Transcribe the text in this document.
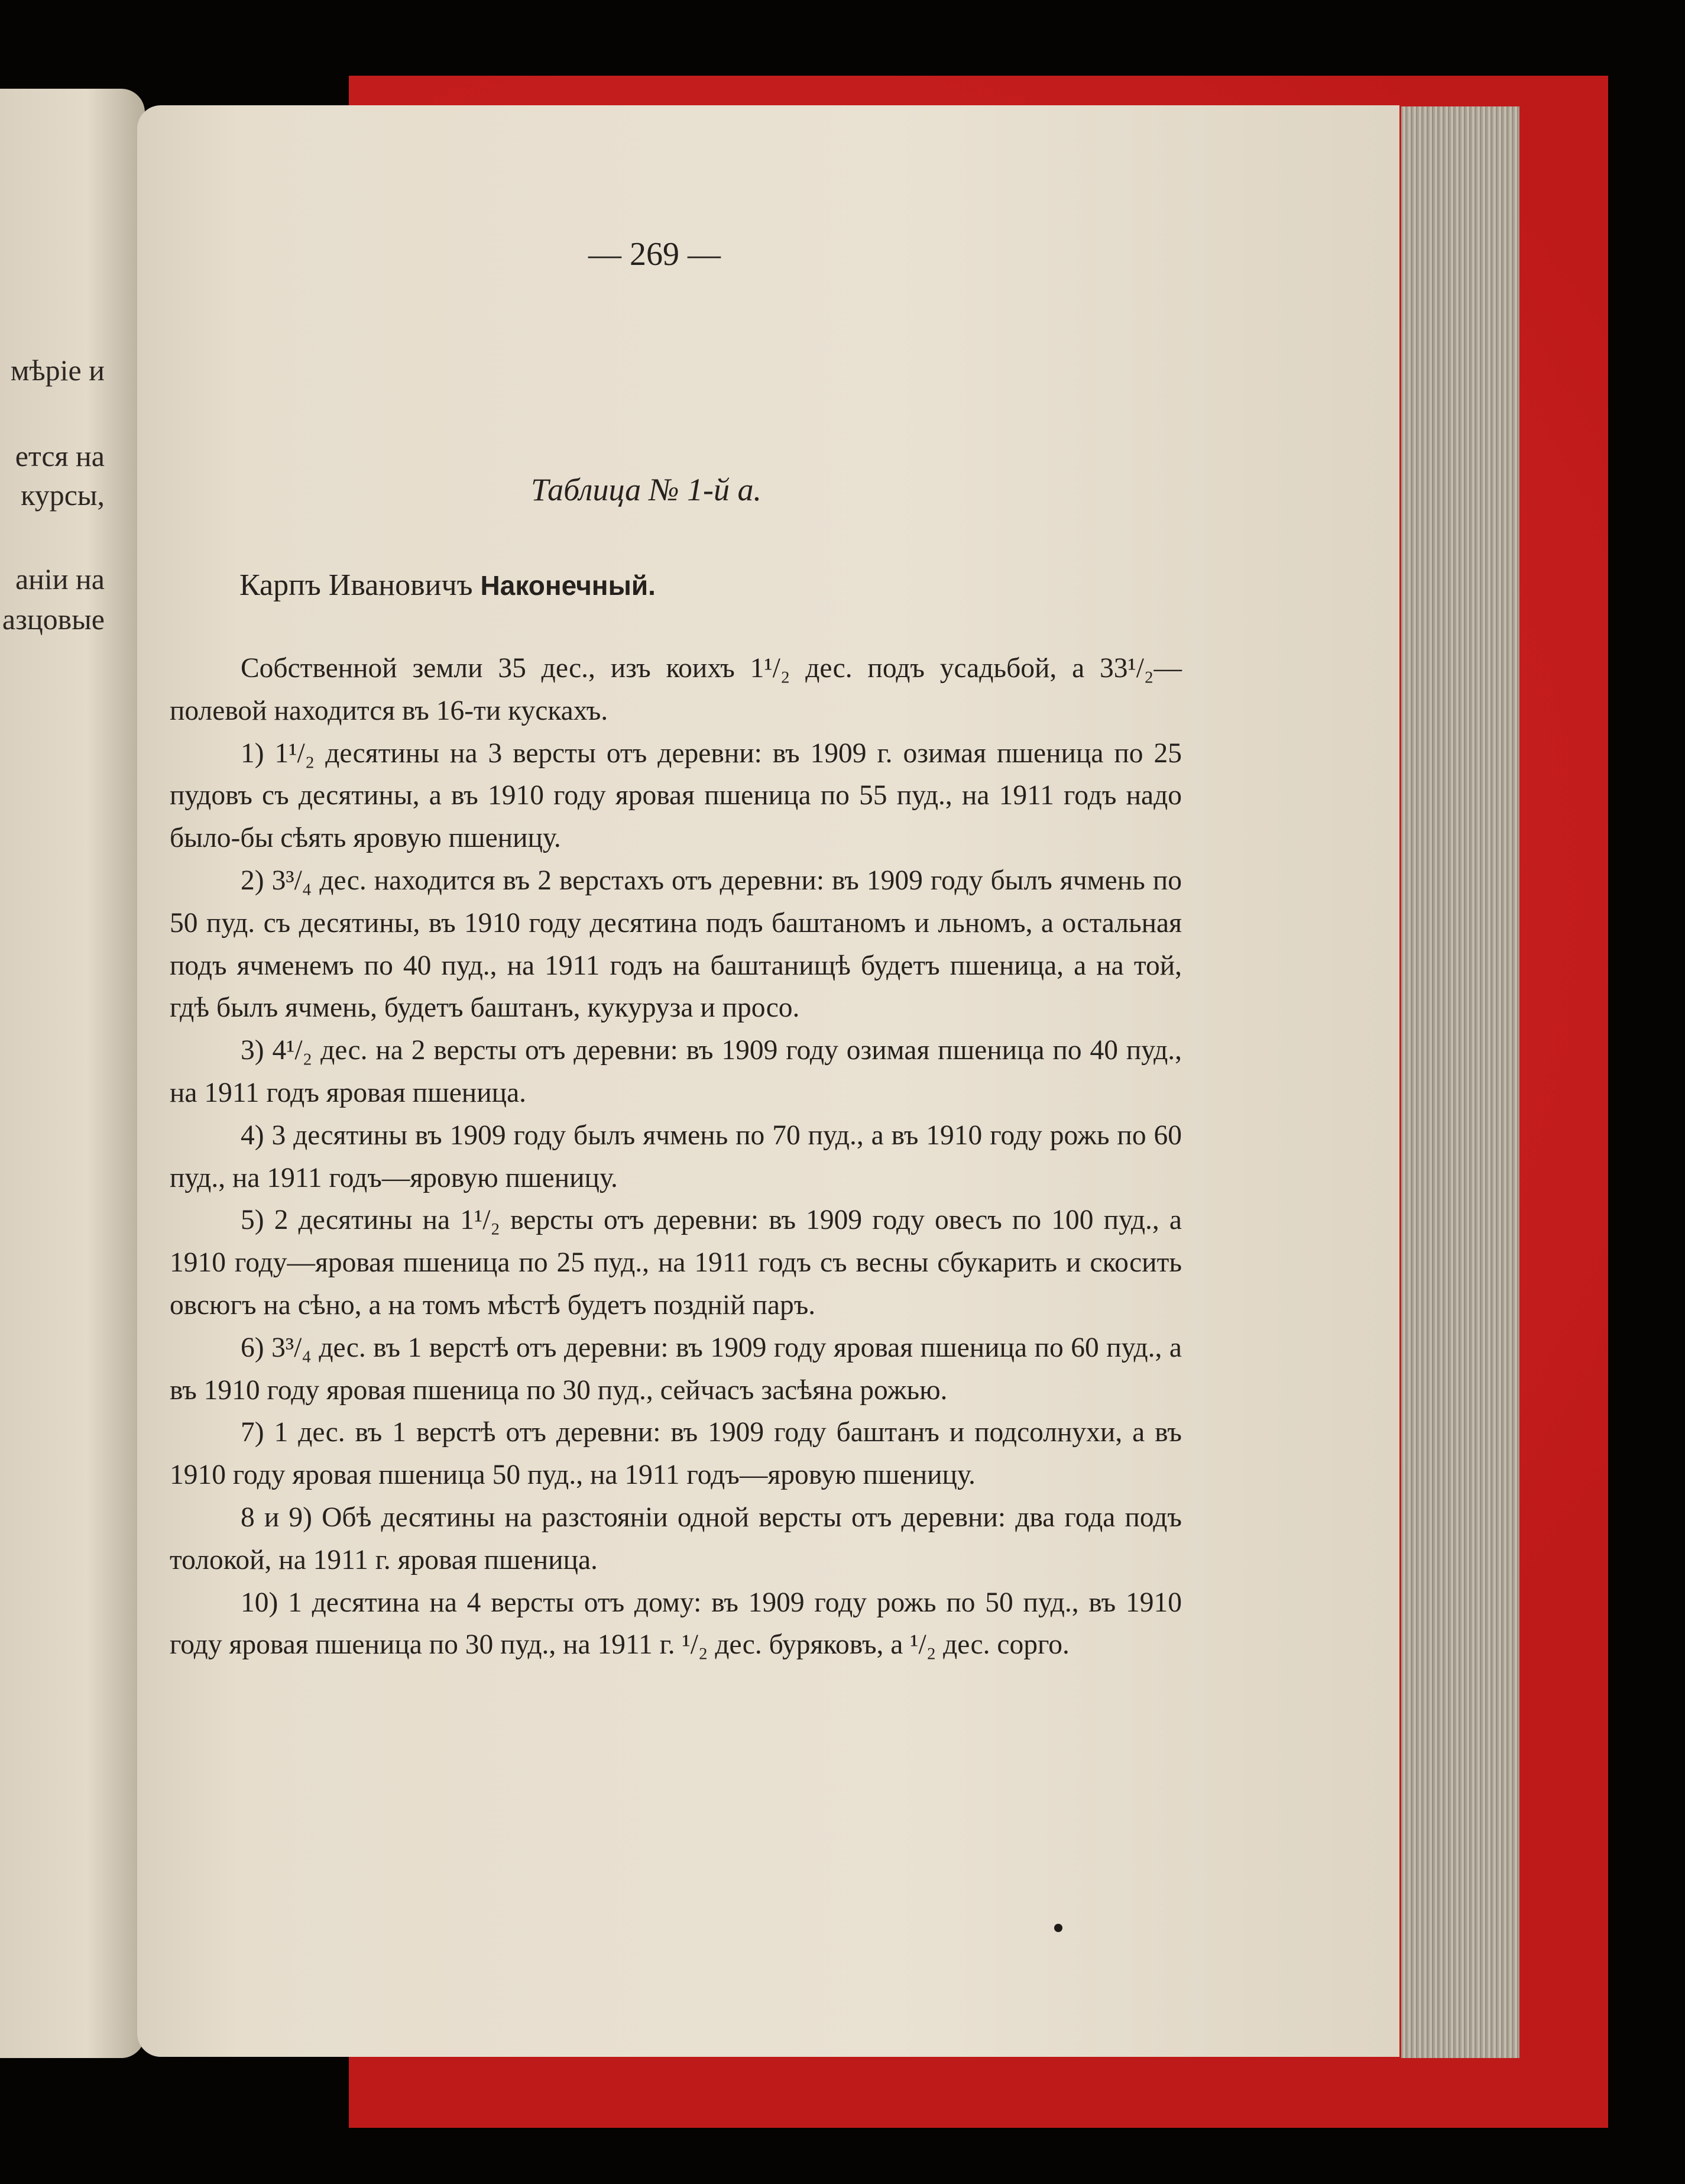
мѣріе и
ется на
курсы,
аніи на
азцовые
— 269 —
Таблица № 1-й а.
Карпъ Ивановичъ Наконечный.

Собственной земли 35 дес., изъ коихъ 1¹/₂ дес. подъ усадьбой, а 33¹/₂—полевой находится въ 16-ти кускахъ.

1) 1¹/₂ десятины на 3 версты отъ деревни: въ 1909 г. озимая пшеница по 25 пудовъ съ десятины, а въ 1910 году яровая пшеница по 55 пуд., на 1911 годъ надо было-бы сѣять яровую пшеницу.

2) 3³/₄ дес. находится въ 2 верстахъ отъ деревни: въ 1909 году былъ ячмень по 50 пуд. съ десятины, въ 1910 году десятина подъ баштаномъ и льномъ, а остальная подъ ячменемъ по 40 пуд., на 1911 годъ на баштанищѣ будетъ пшеница, а на той, гдѣ былъ ячмень, будетъ баштанъ, кукуруза и просо.

3) 4¹/₂ дес. на 2 версты отъ деревни: въ 1909 году озимая пшеница по 40 пуд., на 1911 годъ яровая пшеница.

4) 3 десятины въ 1909 году былъ ячмень по 70 пуд., а въ 1910 году рожь по 60 пуд., на 1911 годъ—яровую пшеницу.

5) 2 десятины на 1¹/₂ версты отъ деревни: въ 1909 году овесъ по 100 пуд., а 1910 году—яровая пшеница по 25 пуд., на 1911 годъ съ весны сбукарить и скосить овсюгъ на сѣно, а на томъ мѣстѣ будетъ поздній паръ.

6) 3³/₄ дес. въ 1 верстѣ отъ деревни: въ 1909 году яровая пшеница по 60 пуд., а въ 1910 году яровая пшеница по 30 пуд., сейчасъ засѣяна рожью.

7) 1 дес. въ 1 верстѣ отъ деревни: въ 1909 году баштанъ и подсолнухи, а въ 1910 году яровая пшеница 50 пуд., на 1911 годъ—яровую пшеницу.

8 и 9) Обѣ десятины на разстояніи одной версты отъ деревни: два года подъ толокой, на 1911 г. яровая пшеница.

10) 1 десятина на 4 версты отъ дому: въ 1909 году рожь по 50 пуд., въ 1910 году яровая пшеница по 30 пуд., на 1911 г. ¹/₂ дес. буряковъ, а ¹/₂ дес. сорго.
